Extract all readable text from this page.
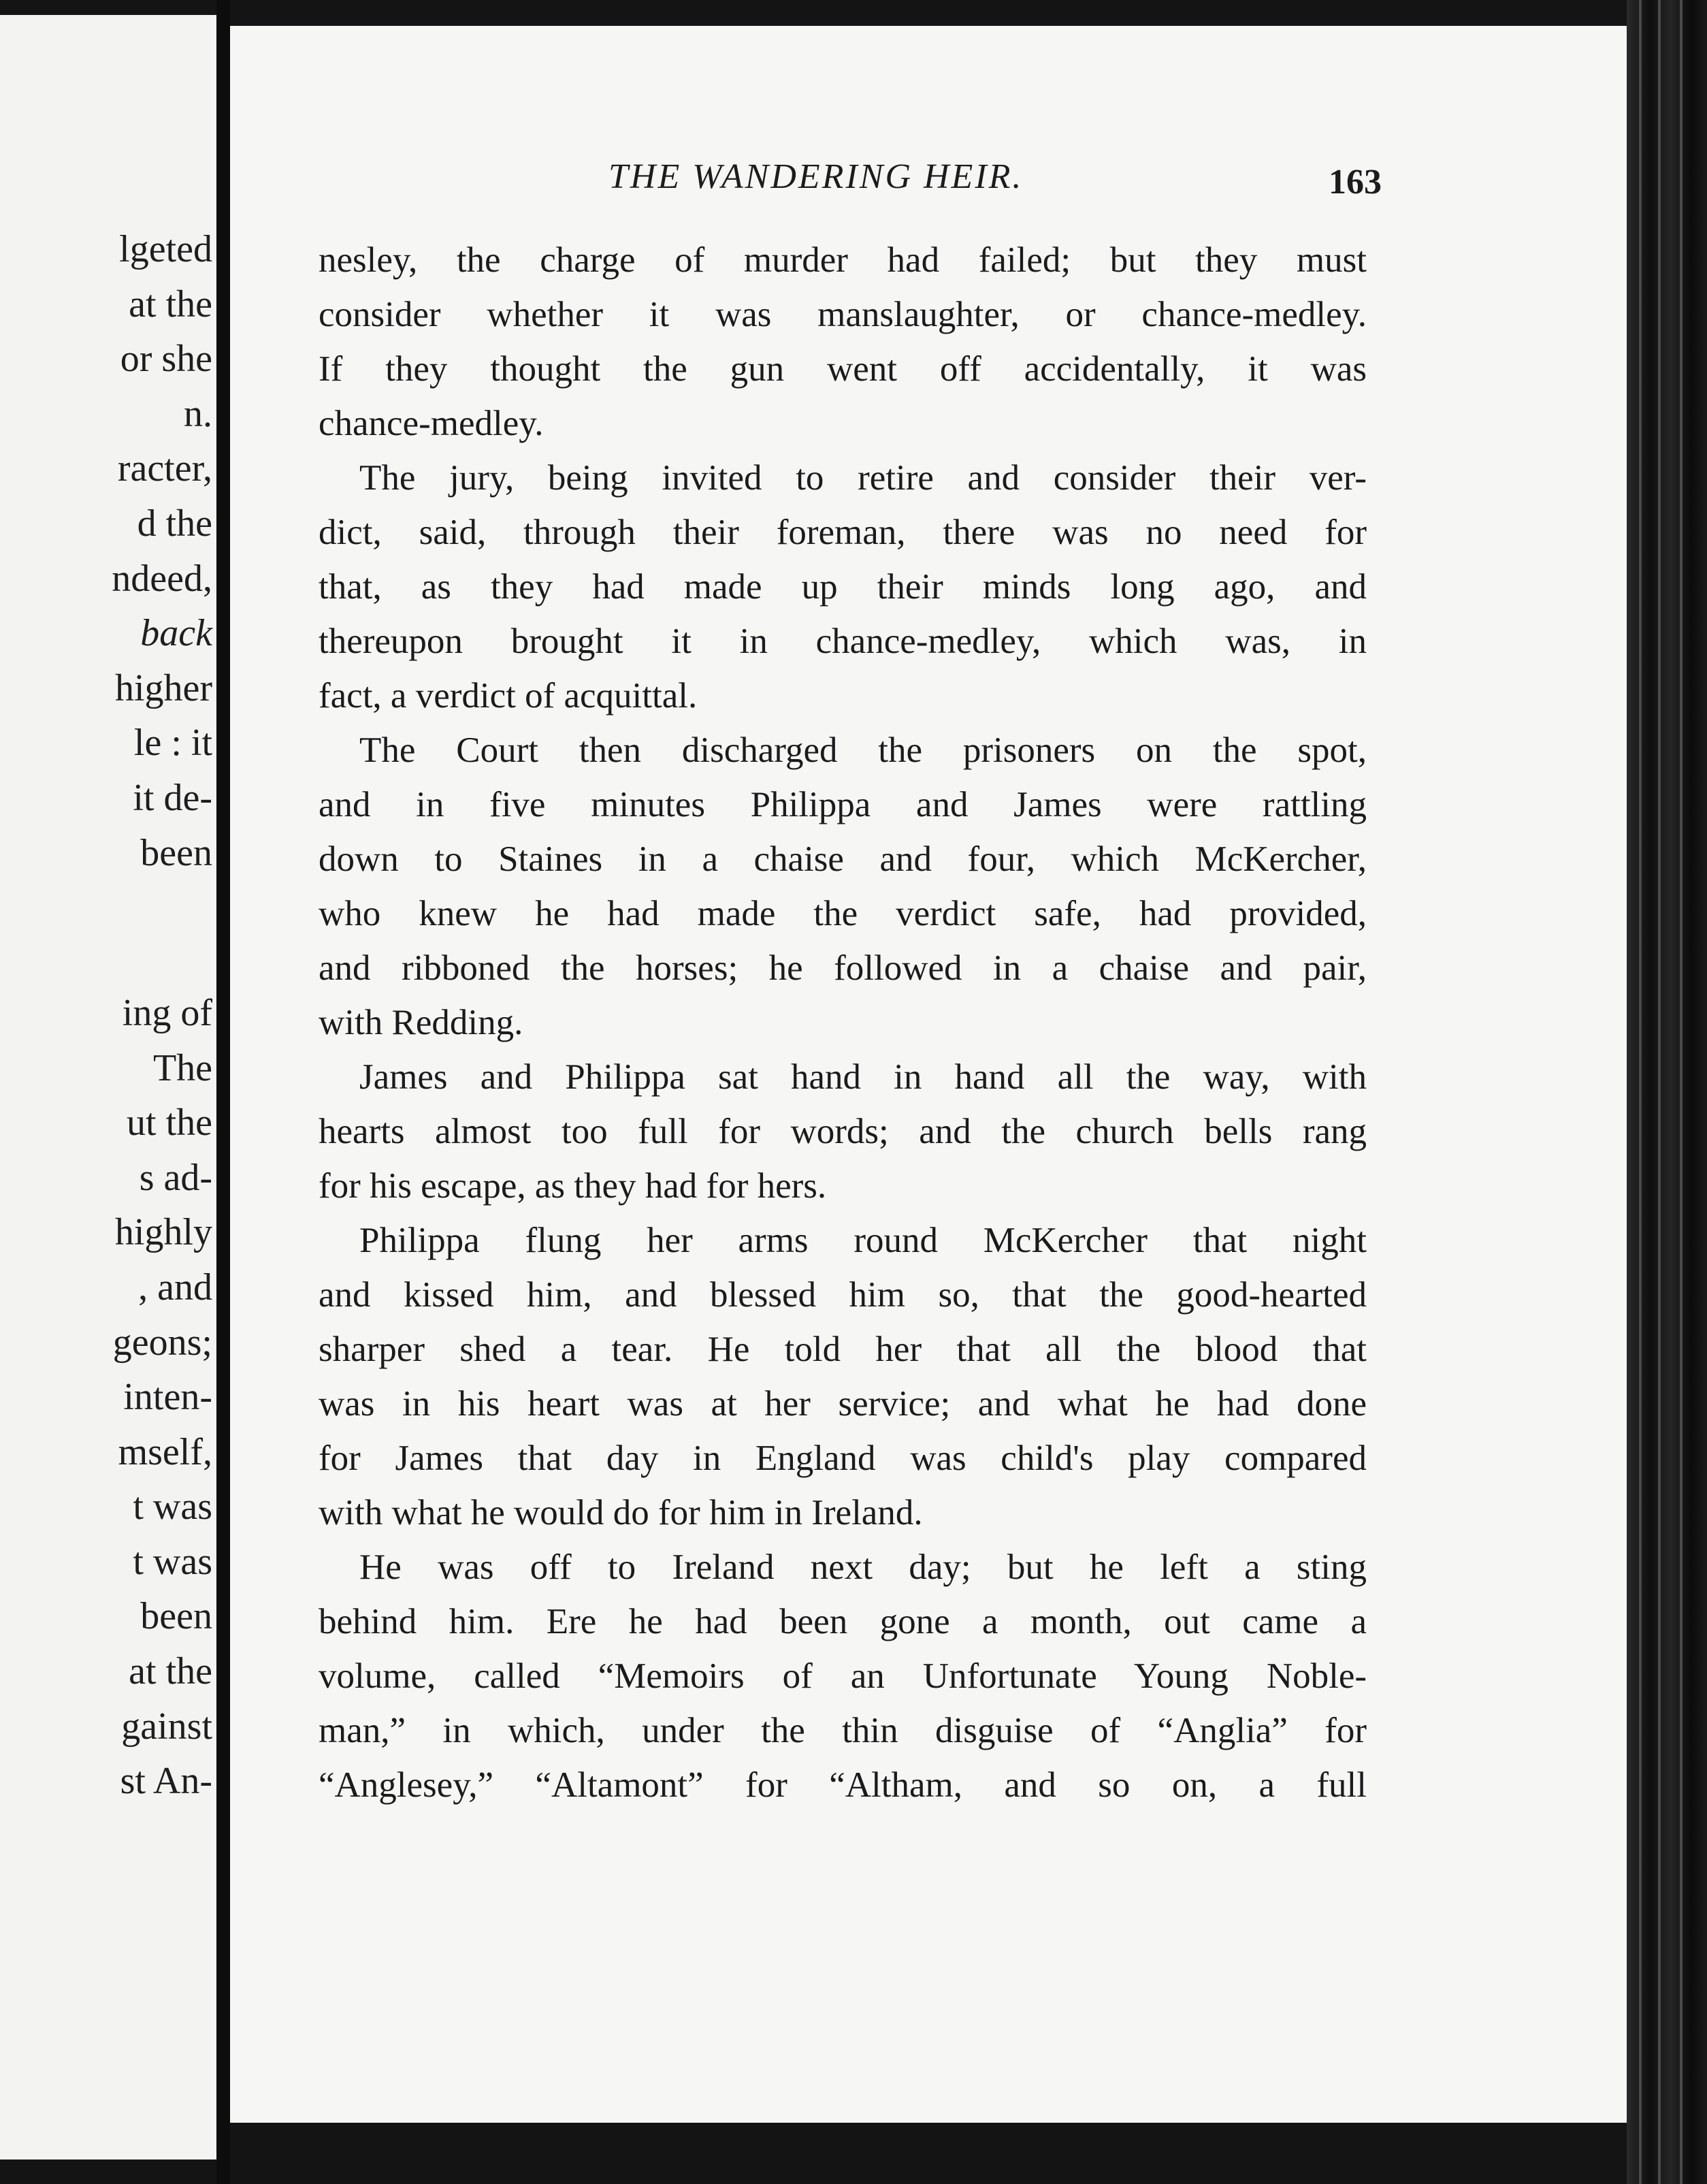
lgeted
at the
or she
n.
racter,
d the
ndeed,
back
higher
le : it
it de-
been
ing of
The
ut the
s ad-
highly
, and
geons;
inten-
mself,
t was
t was
been
at the
gainst
st An-
THE WANDERING HEIR.	163
nesley, the charge of murder had failed; but they must
consider whether it was manslaughter, or chance-medley.
If they thought the gun went off accidentally, it was
chance-medley.
The jury, being invited to retire and consider their ver-
dict, said, through their foreman, there was no need for
that, as they had made up their minds long ago, and
thereupon brought it in chance-medley, which was, in
fact, a verdict of acquittal.
The Court then discharged the prisoners on the spot,
and in five minutes Philippa and James were rattling
down to Staines in a chaise and four, which McKercher,
who knew he had made the verdict safe, had provided,
and ribboned the horses; he followed in a chaise and pair,
with Redding.
James and Philippa sat hand in hand all the way, with
hearts almost too full for words; and the church bells rang
for his escape, as they had for hers.
Philippa flung her arms round McKercher that night
and kissed him, and blessed him so, that the good-hearted
sharper shed a tear. He told her that all the blood that
was in his heart was at her service; and what he had done
for James that day in England was child's play compared
with what he would do for him in Ireland.
He was off to Ireland next day; but he left a sting
behind him. Ere he had been gone a month, out came a
volume, called “Memoirs of an Unfortunate Young Noble-
man,” in which, under the thin disguise of “Anglia” for
“Anglesey,” “Altamont” for “Altham, and so on, a full
